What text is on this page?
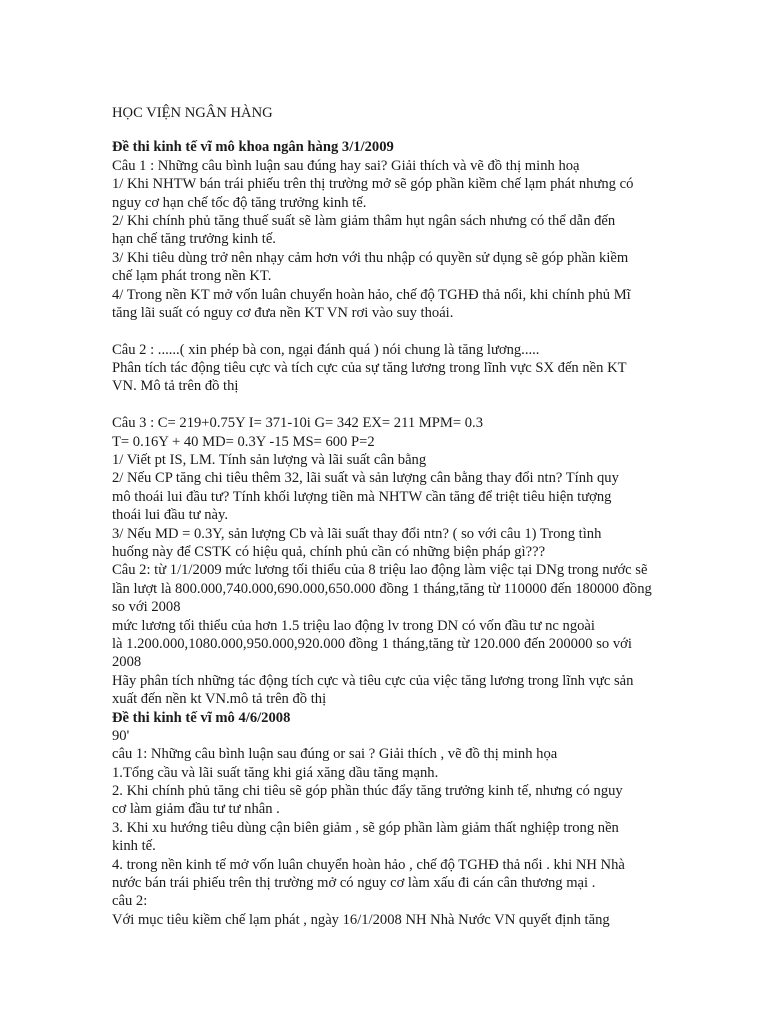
HỌC VIỆN NGÂN HÀNG
Đề thi kinh tế vĩ mô khoa ngân hàng 3/1/2009
Câu 1 : Những câu bình luận sau đúng hay sai? Giải thích và vẽ đồ thị minh hoạ
1/ Khi NHTW bán trái phiếu trên thị trường mở sẽ góp phần kiềm chế lạm phát nhưng có
nguy cơ hạn chế tốc độ tăng trưởng kinh tế.
2/ Khi chính phủ tăng thuế suất sẽ làm giảm thâm hụt ngân sách nhưng có thể dẫn đến
hạn chế tăng trưởng kinh tế.
3/ Khi tiêu dùng trở nên nhạy cảm hơn với thu nhập có quyền sử dụng sẽ góp phần kiềm
chế lạm phát trong nền KT.
4/ Trong nền KT mở vốn luân chuyển hoàn hảo, chế độ TGHĐ thả nổi, khi chính phủ Mĩ
tăng lãi suất có nguy cơ đưa nền KT VN rơi vào suy thoái.
Câu 2 : ......( xin phép bà con, ngại đánh quá ) nói chung là tăng lương.....
Phân tích tác động tiêu cực và tích cực của sự tăng lương trong lĩnh vực SX đến nền KT
VN. Mô tả trên đồ thị
Câu 3 : C= 219+0.75Y I= 371-10i G= 342 EX= 211 MPM= 0.3
T= 0.16Y + 40 MD= 0.3Y -15 MS= 600 P=2
1/ Viết pt IS, LM. Tính sản lượng và lãi suất cân bằng
2/ Nếu CP tăng chi tiêu thêm 32, lãi suất và sản lượng cân bằng thay đổi ntn? Tính quy
mô thoái lui đầu tư? Tính khối lượng tiền mà NHTW cần tăng để triệt tiêu hiện tượng
thoái lui đầu tư này.
3/ Nếu MD = 0.3Y, sản lượng Cb và lãi suất thay đổi ntn? ( so với câu 1) Trong tình
huống này để CSTK có hiệu quả, chính phủ cần có những biện pháp gì???
Câu 2: từ 1/1/2009 mức lương tối thiểu của 8 triệu lao động làm việc tại DNg trong nước sẽ
lần lượt là 800.000,740.000,690.000,650.000 đồng 1 tháng,tăng từ 110000 đến 180000 đồng
so với 2008
mức lương tối thiểu của hơn 1.5 triệu lao động lv trong DN có vốn đầu tư nc ngoài
là 1.200.000,1080.000,950.000,920.000 đồng 1 tháng,tăng từ 120.000 đến 200000 so với
2008
Hãy phân tích những tác động tích cực và tiêu cực của việc tăng lương trong lĩnh vực sản
xuất đến nền kt VN.mô tả trên đồ thị
Đề thi kinh tế vĩ mô 4/6/2008
90'
câu 1: Những câu bình luận sau đúng or sai ? Giải thích , vẽ đồ thị minh họa
1.Tổng cầu và lãi suất tăng khi giá xăng dầu tăng mạnh.
2. Khi chính phủ tăng chi tiêu sẽ góp phần thúc đẩy tăng trưởng kinh tế, nhưng có nguy
cơ làm giảm đầu tư tư nhân .
3. Khi xu hướng tiêu dùng cận biên giảm , sẽ góp phần làm giảm thất nghiệp trong nền
kinh tế.
4. trong nền kinh tế mở vốn luân chuyển hoàn hảo , chế độ TGHĐ thả nổi . khi NH Nhà
nước bán trái phiếu trên thị trường mở có nguy cơ làm xấu đi cán cân thương mại .
câu 2:
Với mục tiêu kiềm chế lạm phát , ngày 16/1/2008 NH Nhà Nước VN quyết định tăng
